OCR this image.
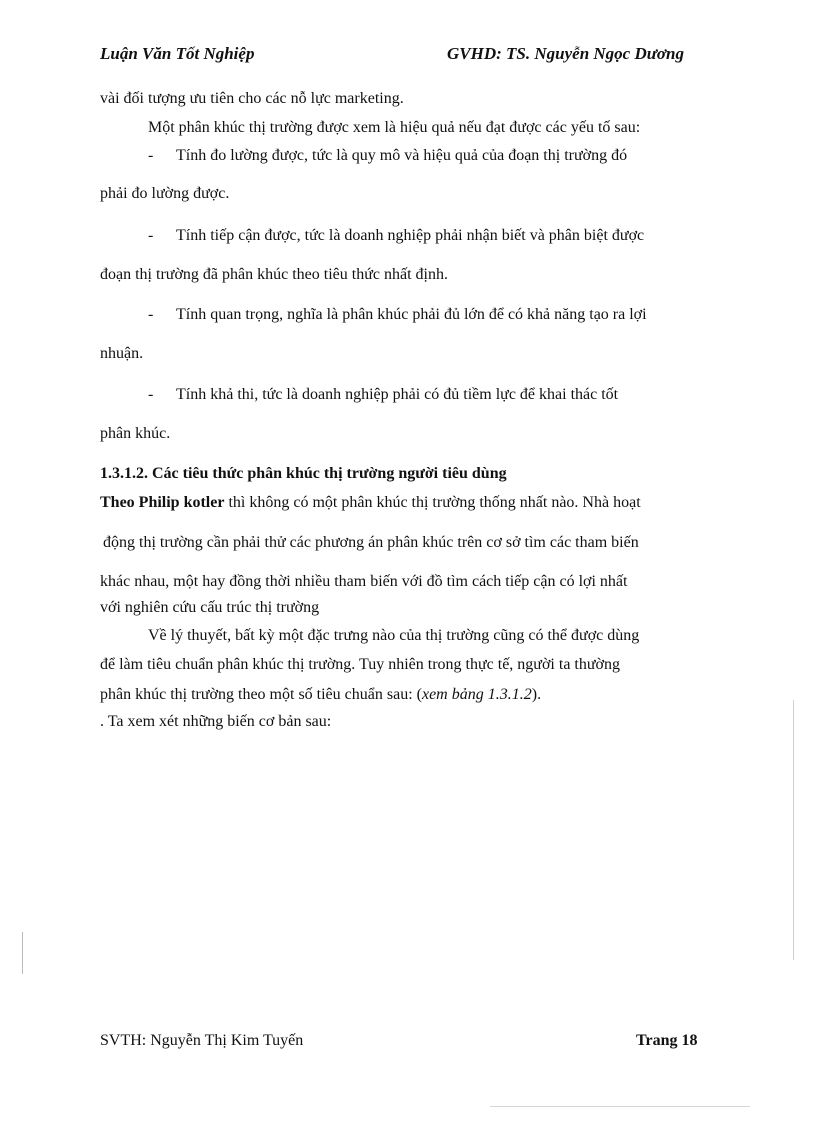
Luận Văn Tốt Nghiệp	GVHD: TS. Nguyễn Ngọc Dương
vài đối tượng ưu tiên cho các nỗ lực marketing.
Một phân khúc thị trường được xem là hiệu quả nếu đạt được các yếu tố sau:
- Tính đo lường được, tức là quy mô và hiệu quả của đoạn thị trường đó
phải đo lường được.
- Tính tiếp cận được, tức là doanh nghiệp phải nhận biết và phân biệt được
đoạn thị trường đã phân khúc theo tiêu thức nhất định.
- Tính quan trọng, nghĩa là phân khúc phải đủ lớn để có khả năng tạo ra lợi
nhuận.
- Tính khả thi, tức là doanh nghiệp phải có đủ tiềm lực để khai thác tốt
phân khúc.
1.3.1.2. Các tiêu thức phân khúc thị trường người tiêu dùng
Theo Philip kotler thì không có một phân khúc thị trường thống nhất nào. Nhà hoạt
động thị trường cần phải thử các phương án phân khúc trên cơ sở tìm các tham biến
khác nhau, một hay đồng thời nhiều tham biến với đồ tìm cách tiếp cận có lợi nhất
với nghiên cứu cấu trúc thị trường
Về lý thuyết, bất kỳ một đặc trưng nào của thị trường cũng có thể được dùng
để làm tiêu chuẩn phân khúc thị trường. Tuy nhiên trong thực tế, người ta thường
phân khúc thị trường theo một số tiêu chuẩn sau: (xem bảng 1.3.1.2).
. Ta xem xét những biến cơ bản sau:
SVTH: Nguyễn Thị Kim Tuyến	Trang 18
